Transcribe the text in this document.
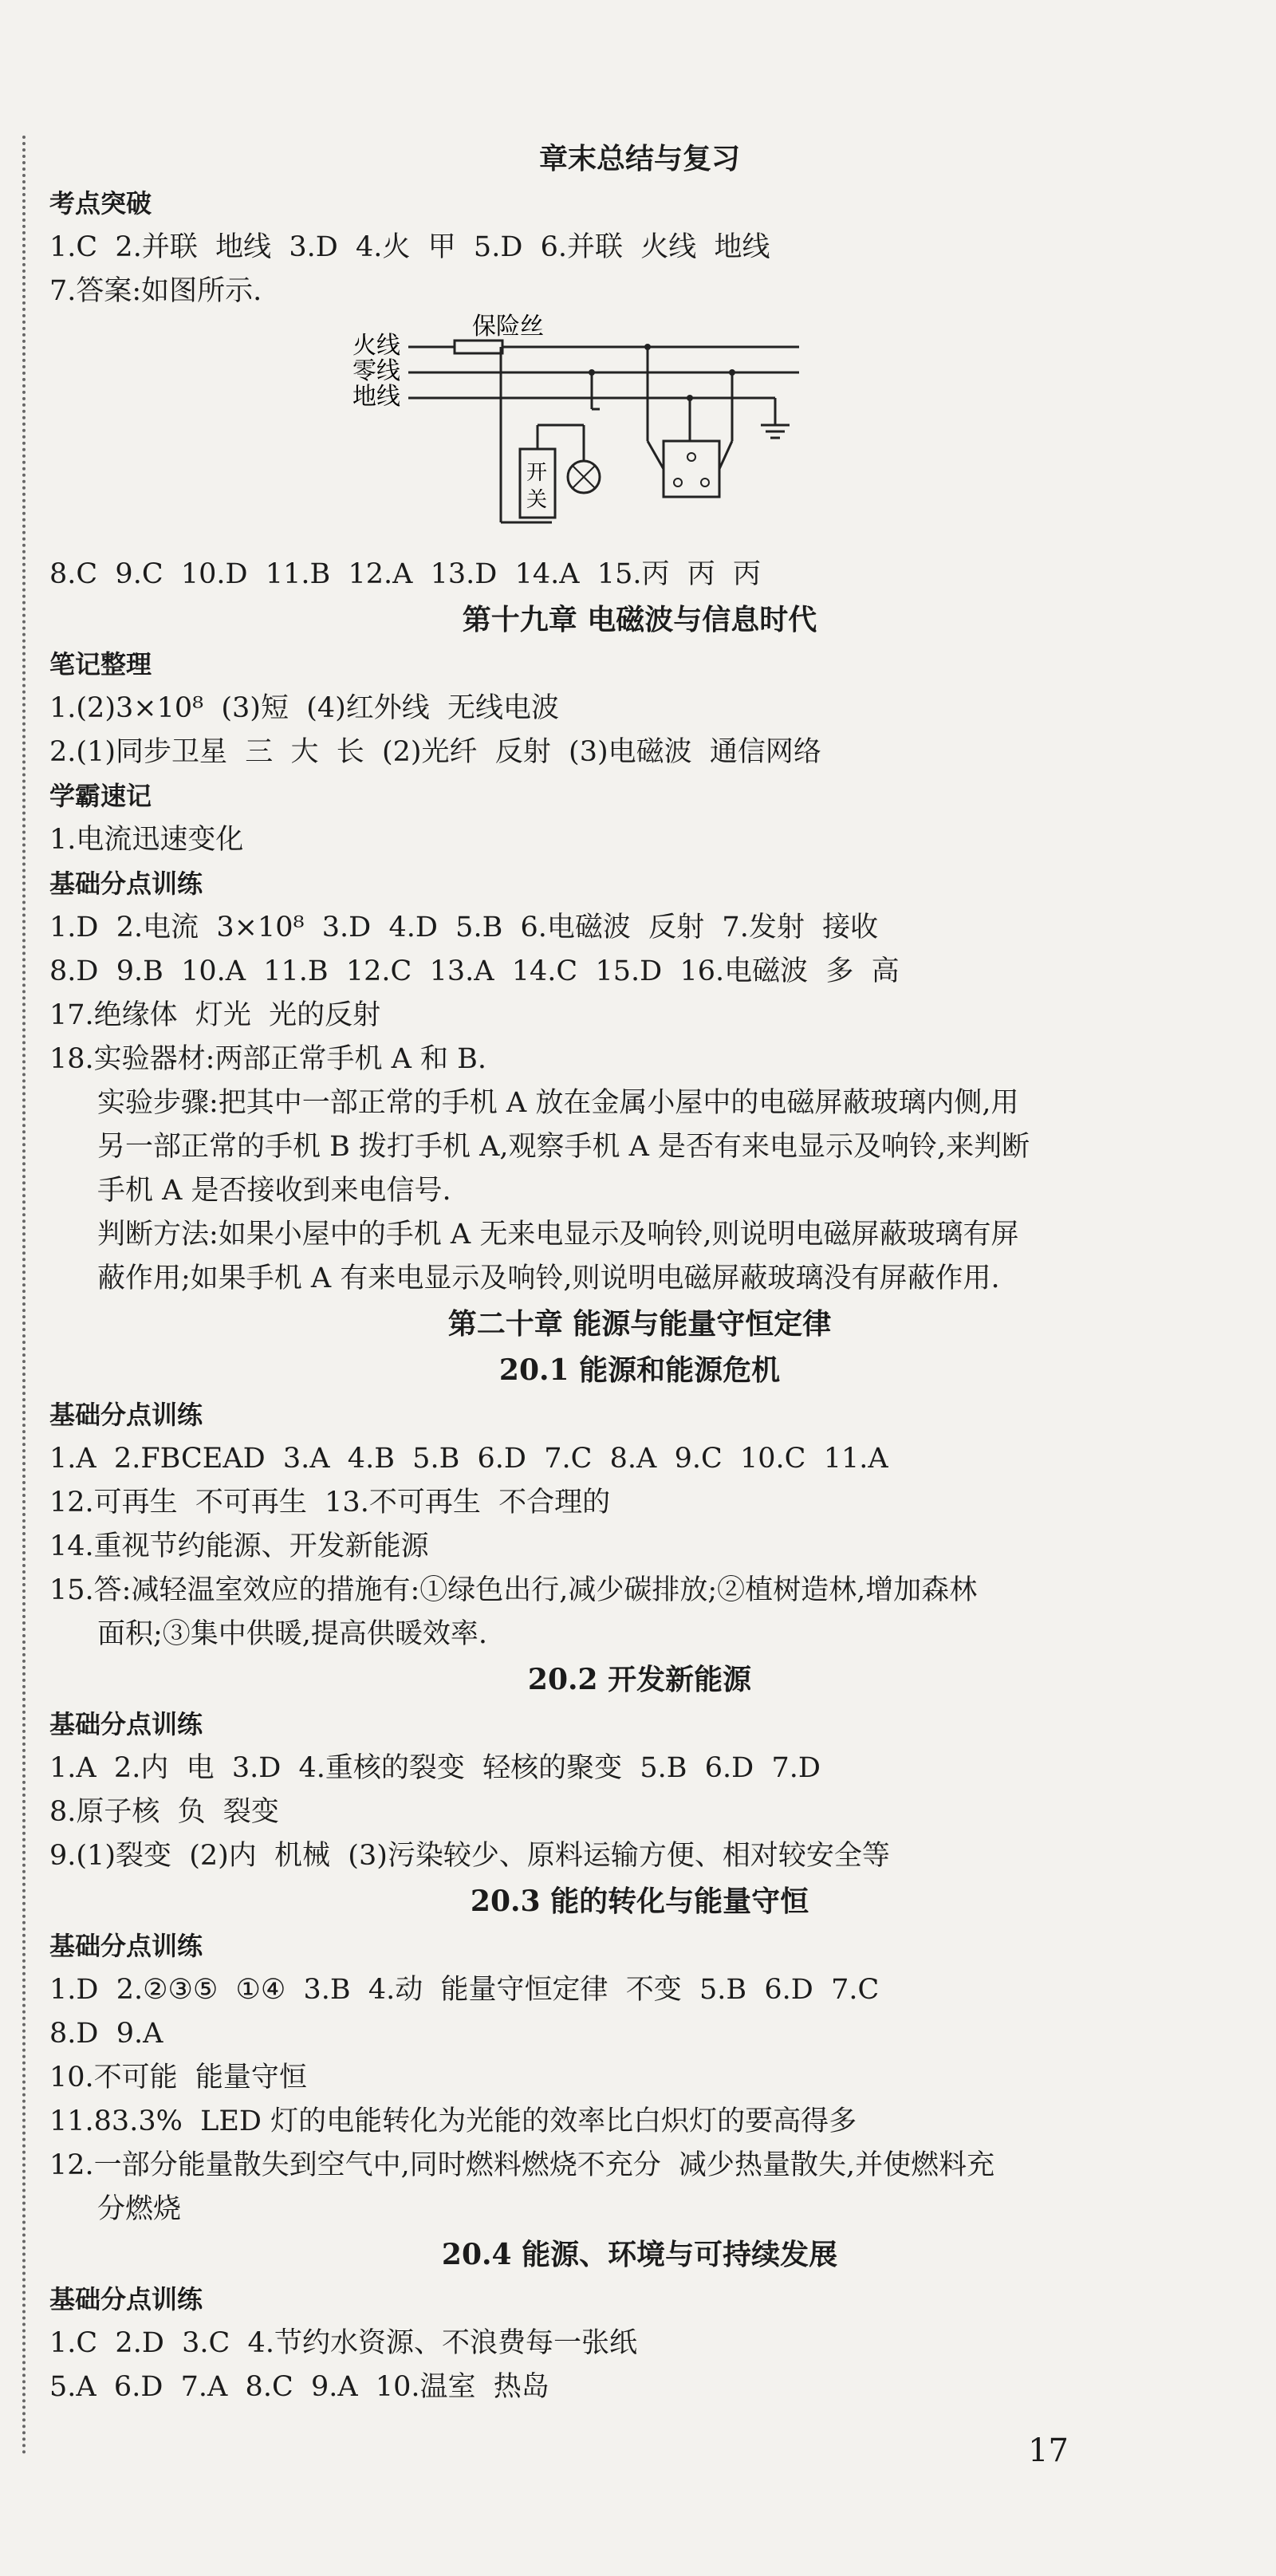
章末总结与复习
考点突破
1.C  2.并联  地线  3.D  4.火  甲  5.D  6.并联  火线  地线
7.答案:如图所示.
火线
零线
地线
保险丝
开
关
8.C  9.C  10.D  11.B  12.A  13.D  14.A  15.丙  丙  丙
第十九章 电磁波与信息时代
笔记整理
1.(2)3×10⁸  (3)短  (4)红外线  无线电波
2.(1)同步卫星  三  大  长  (2)光纤  反射  (3)电磁波  通信网络
学霸速记
1.电流迅速变化
基础分点训练
1.D  2.电流  3×10⁸  3.D  4.D  5.B  6.电磁波  反射  7.发射  接收
8.D  9.B  10.A  11.B  12.C  13.A  14.C  15.D  16.电磁波  多  高
17.绝缘体  灯光  光的反射
18.实验器材:两部正常手机 A 和 B.
实验步骤:把其中一部正常的手机 A 放在金属小屋中的电磁屏蔽玻璃内侧,用
另一部正常的手机 B 拨打手机 A,观察手机 A 是否有来电显示及响铃,来判断
手机 A 是否接收到来电信号.
判断方法:如果小屋中的手机 A 无来电显示及响铃,则说明电磁屏蔽玻璃有屏
蔽作用;如果手机 A 有来电显示及响铃,则说明电磁屏蔽玻璃没有屏蔽作用.
第二十章 能源与能量守恒定律
20.1 能源和能源危机
基础分点训练
1.A  2.FBCEAD  3.A  4.B  5.B  6.D  7.C  8.A  9.C  10.C  11.A
12.可再生  不可再生  13.不可再生  不合理的
14.重视节约能源、开发新能源
15.答:减轻温室效应的措施有:①绿色出行,减少碳排放;②植树造林,增加森林
面积;③集中供暖,提高供暖效率.
20.2 开发新能源
基础分点训练
1.A  2.内  电  3.D  4.重核的裂变  轻核的聚变  5.B  6.D  7.D
8.原子核  负  裂变
9.(1)裂变  (2)内  机械  (3)污染较少、原料运输方便、相对较安全等
20.3 能的转化与能量守恒
基础分点训练
1.D  2.②③⑤  ①④  3.B  4.动  能量守恒定律  不变  5.B  6.D  7.C
8.D  9.A
10.不可能  能量守恒
11.83.3%  LED 灯的电能转化为光能的效率比白炽灯的要高得多
12.一部分能量散失到空气中,同时燃料燃烧不充分  减少热量散失,并使燃料充
分燃烧
20.4 能源、环境与可持续发展
基础分点训练
1.C  2.D  3.C  4.节约水资源、不浪费每一张纸
5.A  6.D  7.A  8.C  9.A  10.温室  热岛
17
